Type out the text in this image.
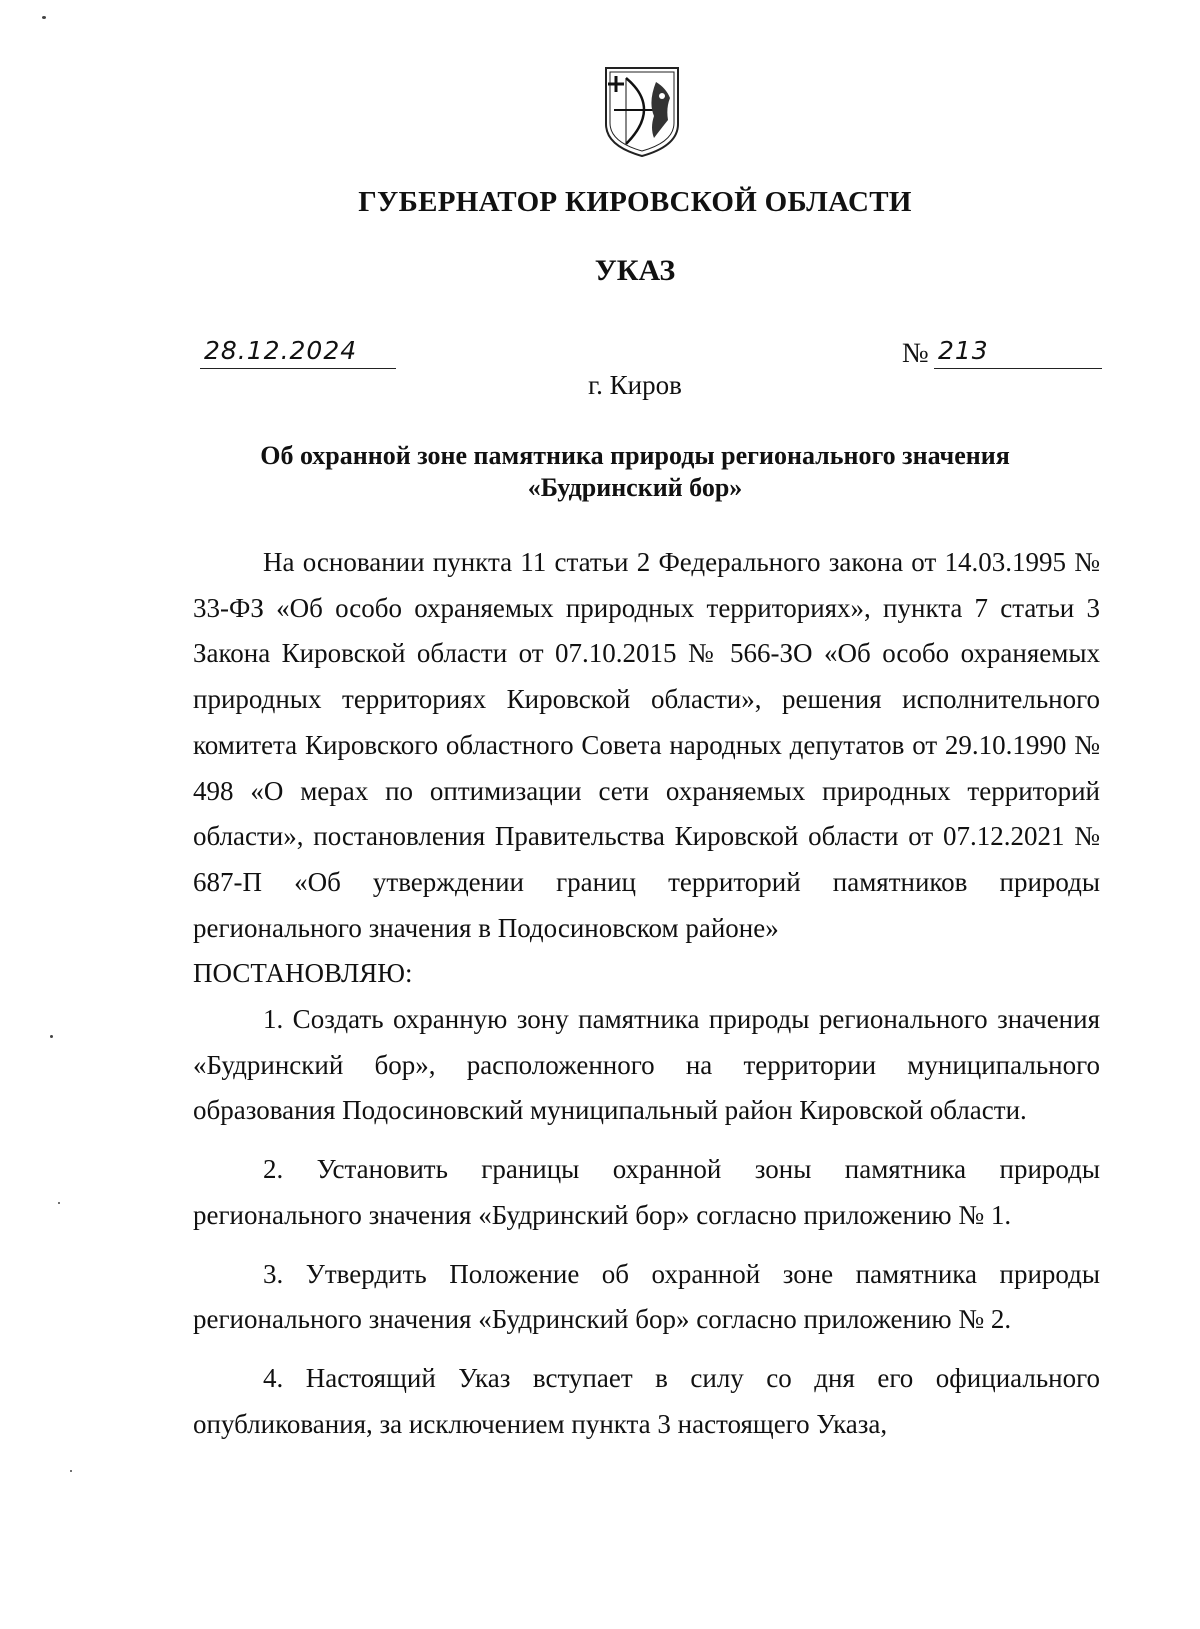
ГУБЕРНАТОР КИРОВСКОЙ ОБЛАСТИ
УКАЗ
28.12.2024	№ 213
г. Киров
Об охранной зоне памятника природы регионального значения
«Будринский бор»

На основании пункта 11 статьи 2 Федерального закона от 14.03.1995 № 33-ФЗ «Об особо охраняемых природных территориях», пункта 7 статьи 3 Закона Кировской области от 07.10.2015 № 566-ЗО «Об особо охраняемых природных территориях Кировской области», решения исполнительного комитета Кировского областного Совета народных депутатов от 29.10.1990 № 498 «О мерах по оптимизации сети охраняемых природных территорий области», постановления Правительства Кировской области от 07.12.2021 № 687-П «Об утверждении границ территорий памятников природы регионального значения в Подосиновском районе»

ПОСТАНОВЛЯЮ:

1. Создать охранную зону памятника природы регионального значения «Будринский бор», расположенного на территории муниципального образования Подосиновский муниципальный район Кировской области.

2. Установить границы охранной зоны памятника природы регионального значения «Будринский бор» согласно приложению № 1.

3. Утвердить Положение об охранной зоне памятника природы регионального значения «Будринский бор» согласно приложению № 2.

4. Настоящий Указ вступает в силу со дня его официального опубликования, за исключением пункта 3 настоящего Указа,
